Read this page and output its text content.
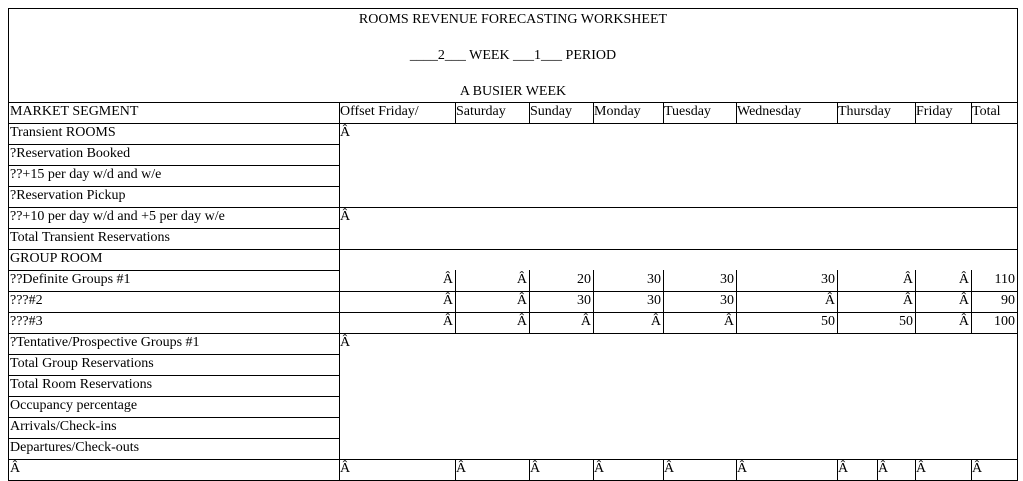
ROOMS REVENUE FORECASTING WORKSHEET
____2___ WEEK ___1___ PERIOD
A BUSIER WEEK
MARKET SEGMENT	Offset Friday/	Saturday	Sunday	Monday	Tuesday	Wednesday	Thursday	Friday	Total
Transient ROOMS	Â
?Reservation Booked
??+15 per day w/d and w/e
?Reservation Pickup
??+10 per day w/d and +5 per day w/e	Â
Total Transient Reservations
GROUP ROOM
??Definite Groups #1	Â	Â	20	30	30	30	Â	Â	110
???#2	Â	Â	30	30	30	Â	Â	Â	90
???#3	Â	Â	Â	Â	Â	50	50	Â	100
?Tentative/Prospective Groups #1	Â
Total Group Reservations
Total Room Reservations
Occupancy percentage
Arrivals/Check-ins
Departures/Check-outs
Â	Â	Â	Â	Â	Â	Â	Â	Â	Â	Â
